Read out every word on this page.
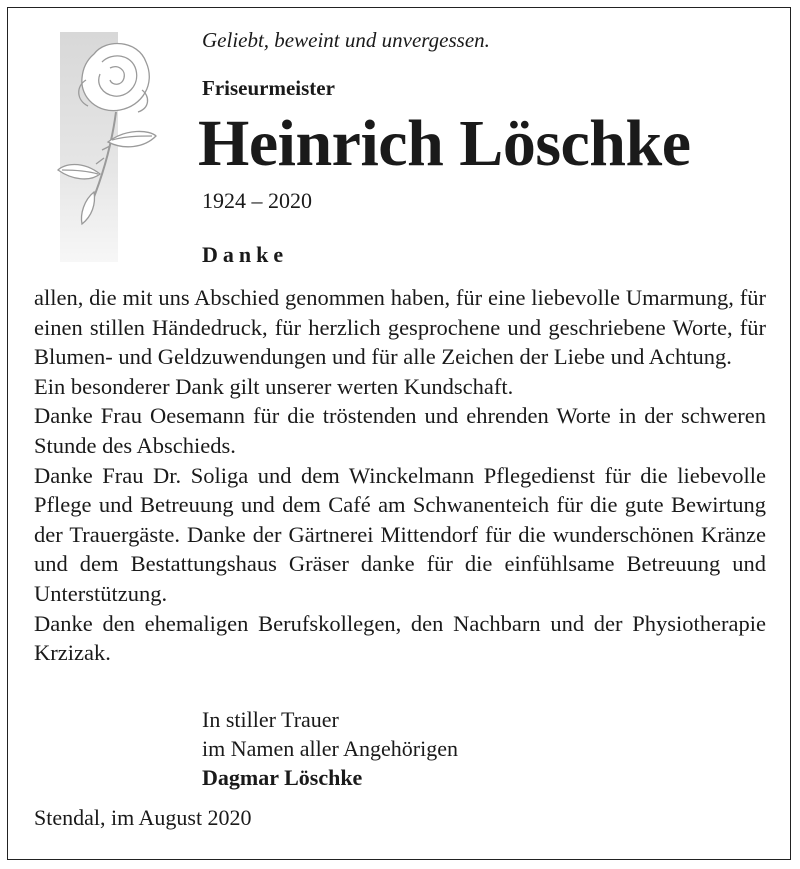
Geliebt, beweint und unvergessen.
Friseurmeister
Heinrich Löschke
1924 – 2020
Danke

allen, die mit uns Abschied genommen haben, für eine liebevolle Umarmung, für einen stillen Händedruck, für herzlich gesprochene und geschriebene Worte, für Blumen- und Geldzuwendungen und für alle Zeichen der Liebe und Achtung.

Ein besonderer Dank gilt unserer werten Kundschaft.

Danke Frau Oesemann für die tröstenden und ehrenden Worte in der schweren Stunde des Abschieds.

Danke Frau Dr. Soliga und dem Winckelmann Pflegedienst für die liebevolle Pflege und Betreuung und dem Café am Schwanenteich für die gute Bewirtung der Trauergäste. Danke der Gärtnerei Mittendorf für die wunderschönen Kränze und dem Bestattungshaus Gräser danke für die einfühlsame Betreuung und Unterstützung.

Danke den ehemaligen Berufskollegen, den Nachbarn und der Physiotherapie Krzizak.

In stiller Trauer
im Namen aller Angehörigen
Dagmar Löschke
Stendal, im August 2020
